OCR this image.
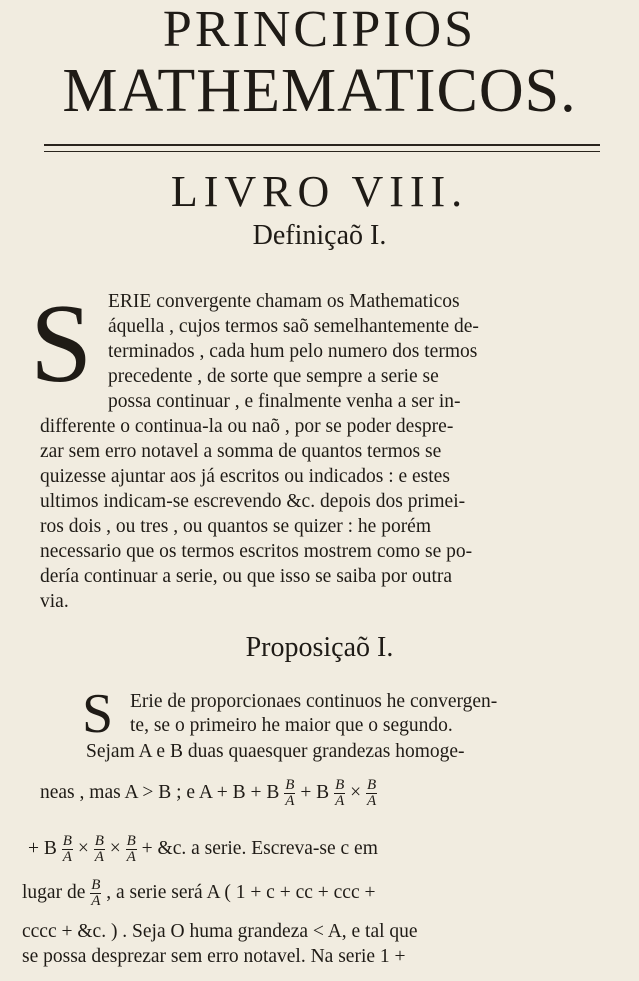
PRINCIPIOS
MATHEMATICOS.
LIVRO VIII.
Definiçaõ I.
S ERIE convergente chamam os Mathematicos
áquella , cujos termos saõ semelhantemente de-
terminados , cada hum pelo numero dos termos
precedente , de sorte que sempre a serie se
possa continuar , e finalmente venha a ser in-
differente o continua-la ou naõ , por se poder desprе-
zar sem erro notavel a somma de quantos termos se
quizesse ajuntar aos já escritos ou indicados : e estes
ultimos indicam-se escrevendo &c. depois dos primei-
ros dois , ou tres , ou quantos se quizer : he porém
necessario que os termos escritos mostrem como se po-
dería continuar a serie, ou que isso se saiba por outra
via.
Proposiçaõ I.
S Erie de proporcionaes continuos he convergen-
te, se o primeiro he maior que o segundo.
Sejam A e B duas quaesquer grandezas homoge-
neas , mas A > B ; e A + B + B $\frac{B}{A} + B \frac{B}{A} \times \frac{B}{A}$
+ B $\frac{B}{A} \times \frac{B}{A} \times \frac{B}{A}$ + &c. a serie. Escreva-se c em
lugar de $\frac{B}{A}$ , a serie será A ( 1 + c + cc + ccc +
cccc + &c. ) . Seja O huma grandeza < A, e tal que
se possa desprezar sem erro notavel. Na serie 1 +
